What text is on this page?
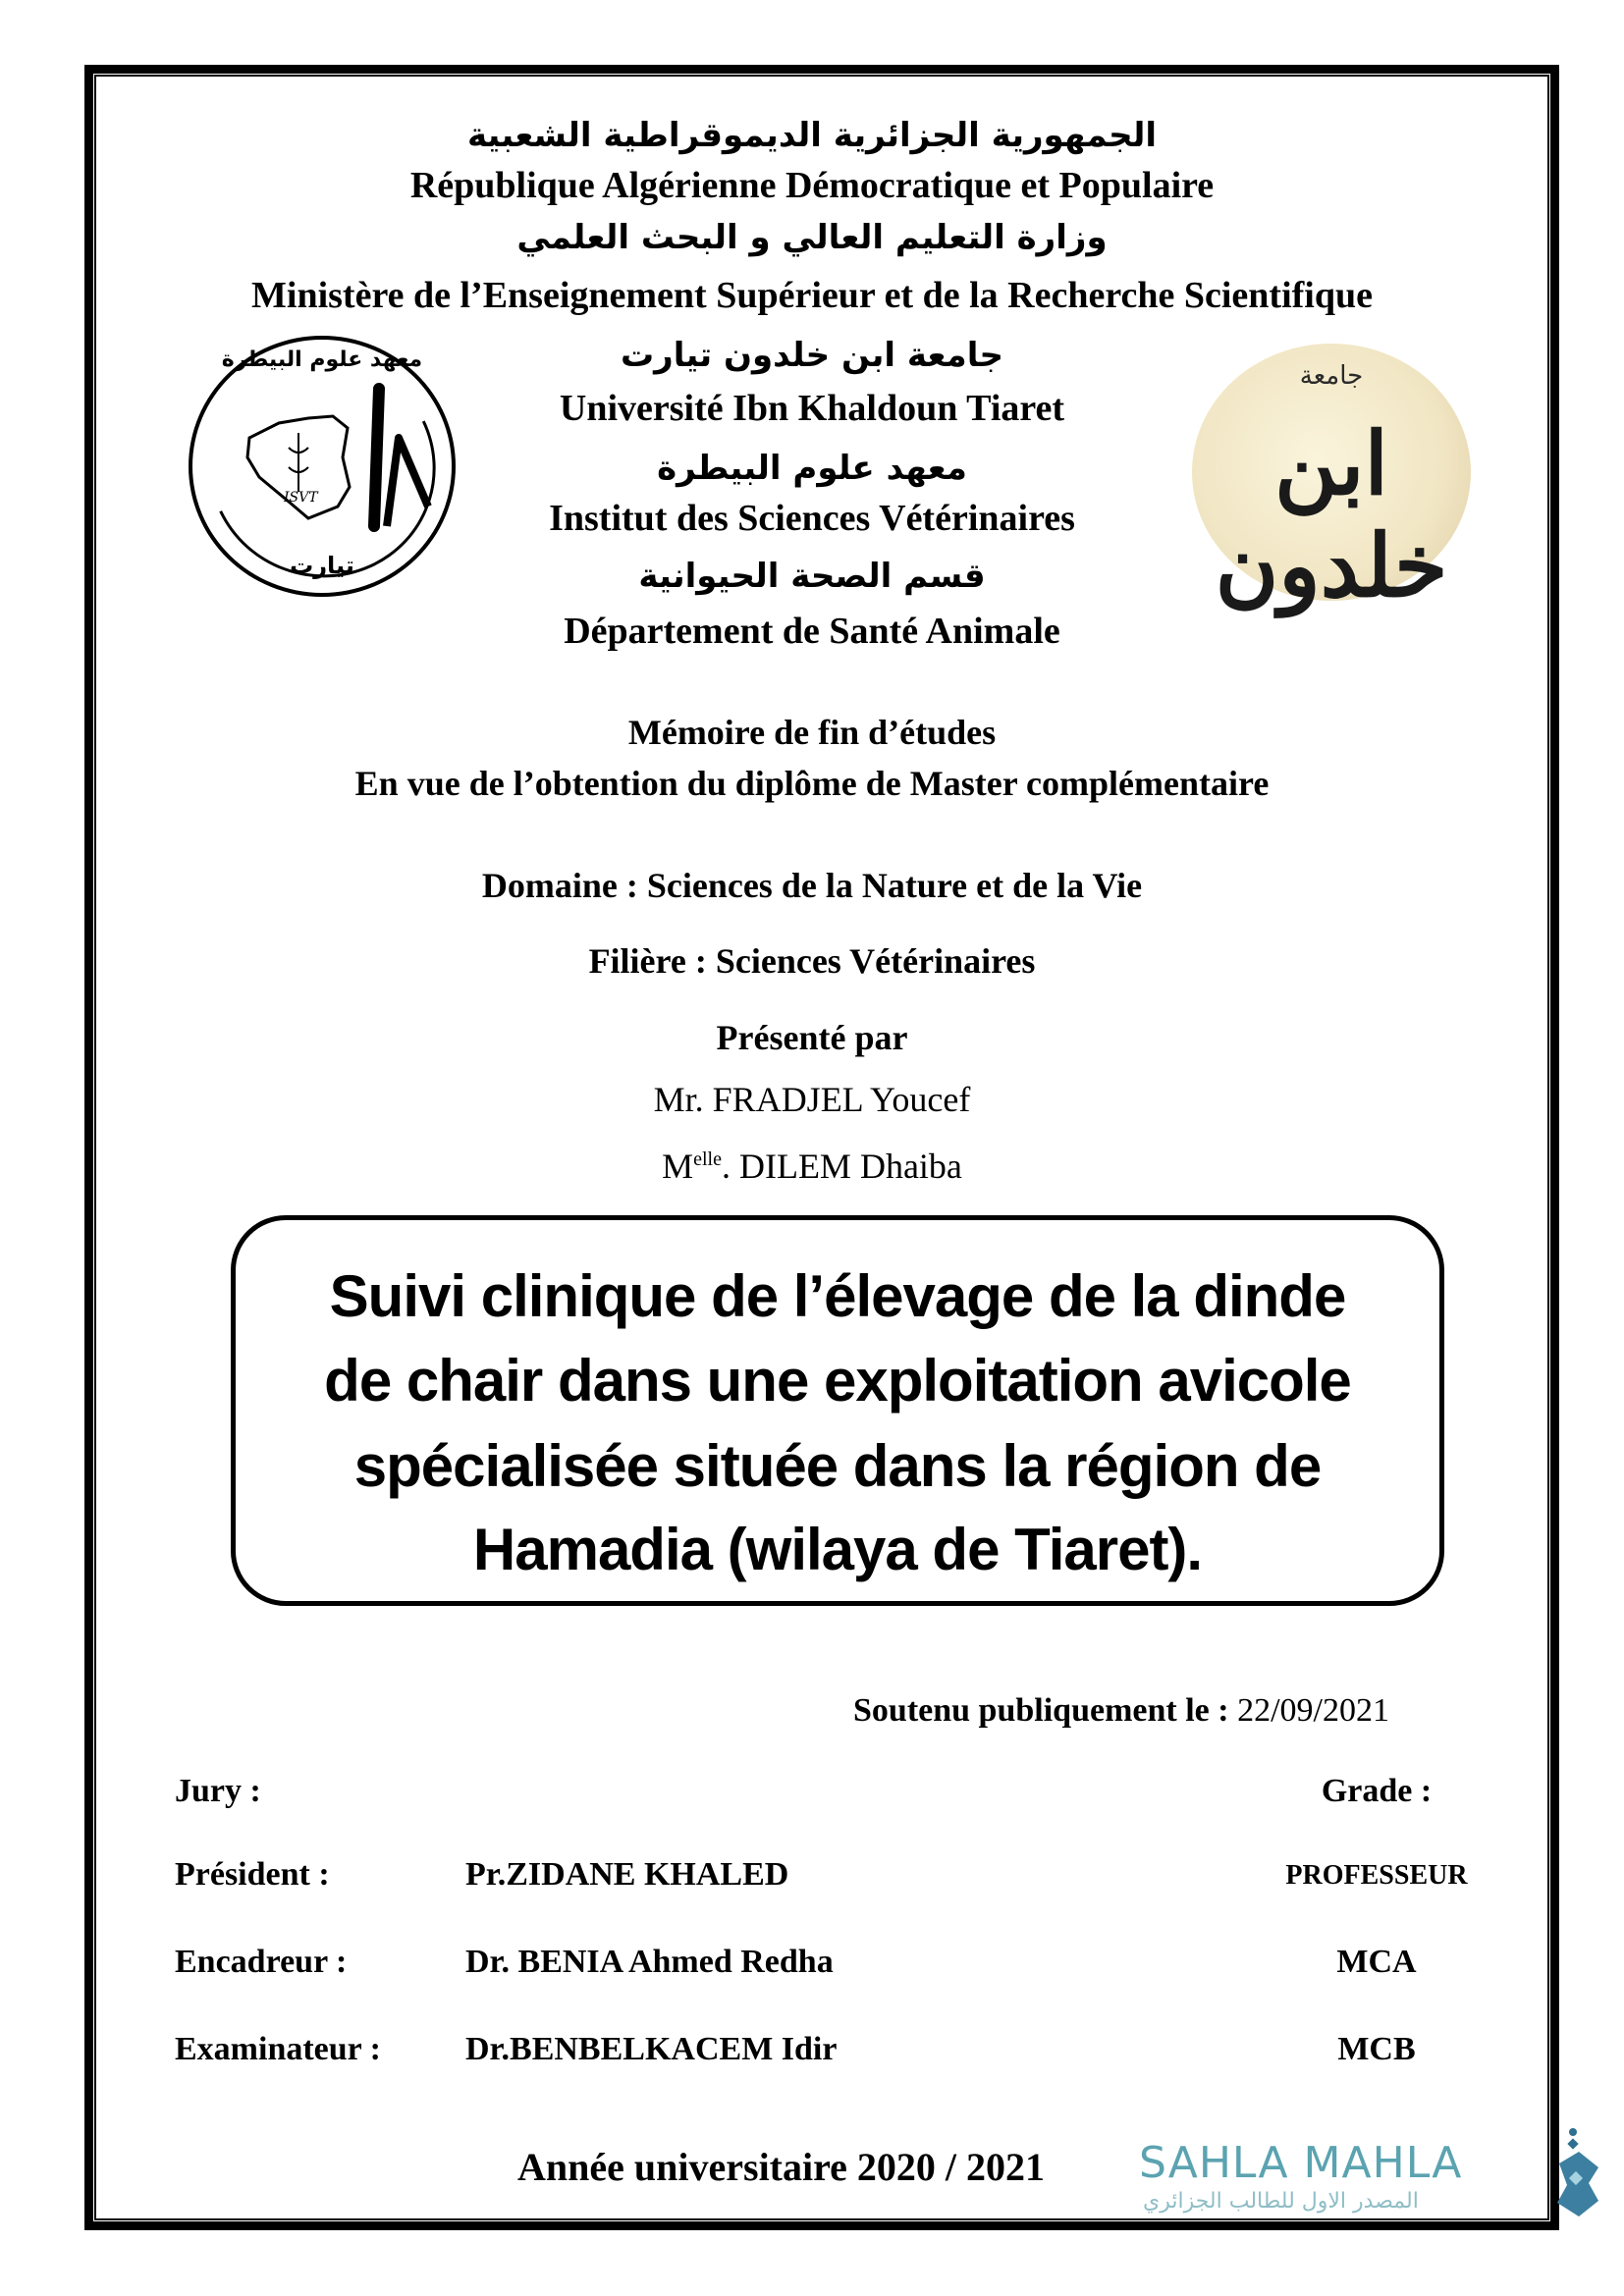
الجمهورية الجزائرية الديموقراطية الشعبية
République Algérienne Démocratique et Populaire
وزارة التعليم العالي و البحث العلمي
Ministère de l’Enseignement Supérieur et de la Recherche Scientifique
جامعة ابن خلدون تيارت
Université Ibn Khaldoun Tiaret
معهد علوم البيطرة
Institut des Sciences Vétérinaires
قسم الصحة الحيوانية
Département de Santé Animale
معهد علوم البيطرة
ISVT
تيارت
جامعة
ابن خلدون
Mémoire de fin d’études
En vue de l’obtention du diplôme de Master complémentaire
Domaine : Sciences de la Nature et de la Vie
Filière : Sciences Vétérinaires
Présenté par
Mr. FRADJEL Youcef
$M^{elle}$. DILEM Dhaiba
Suivi clinique de l’élevage de la dinde
de chair dans une exploitation avicole
spécialisée située dans la région de
Hamadia (wilaya de Tiaret).
Soutenu publiquement le : 22/09/2021
Jury :	Grade :
Président :	Pr.ZIDANE KHALED	PROFESSEUR
Encadreur :	Dr. BENIA Ahmed Redha	MCA
Examinateur :	Dr.BENBELKACEM Idir	MCB
Année universitaire 2020 / 2021 SAHLA MAHLA
المصدر الاول للطالب الجزائري
